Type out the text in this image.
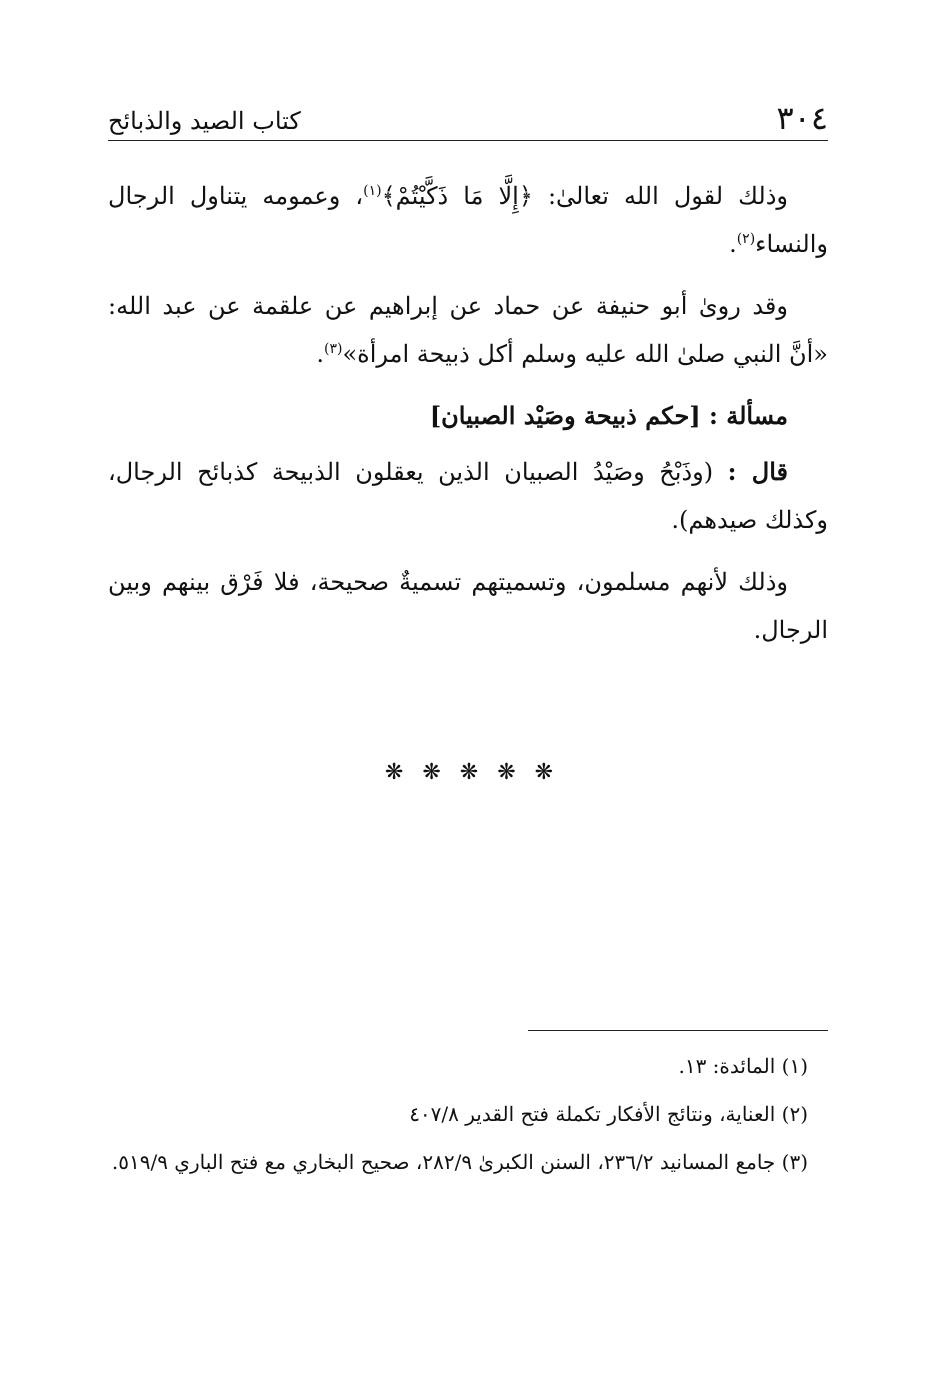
٣٠٤
كتاب الصيد والذبائح

وذلك لقول الله تعالىٰ: ﴿إِلَّا مَا ذَكَّيْتُمْ﴾$^{(١)}$، وعمومه يتناول الرجال والنساء$^{(٢)}$.

وقد رویٰ أبو حنيفة عن حماد عن إبراهيم عن علقمة عن عبد الله: «أنَّ النبي صلىٰ الله عليه وسلم أكل ذبيحة امرأة»$^{(٣)}$.

مسألة : [حكم ذبيحة وصَيْد الصبيان]

قال : (وذَبْحُ وصَيْدُ الصبيان الذين يعقلون الذبيحة كذبائح الرجال، وكذلك صيدهم).

وذلك لأنهم مسلمون، وتسميتهم تسميةٌ صحيحة، فلا فَرْق بينهم وبين الرجال.

❋ ❋ ❋ ❋ ❋

(١) المائدة: ١٣.

(٢) العناية، ونتائج الأفكار تكملة فتح القدير ٤٠٧/٨

(٣) جامع المسانيد ٢٣٦/٢، السنن الكبرىٰ ٢٨٢/٩، صحيح البخاري مع فتح الباري ٥١٩/٩.
